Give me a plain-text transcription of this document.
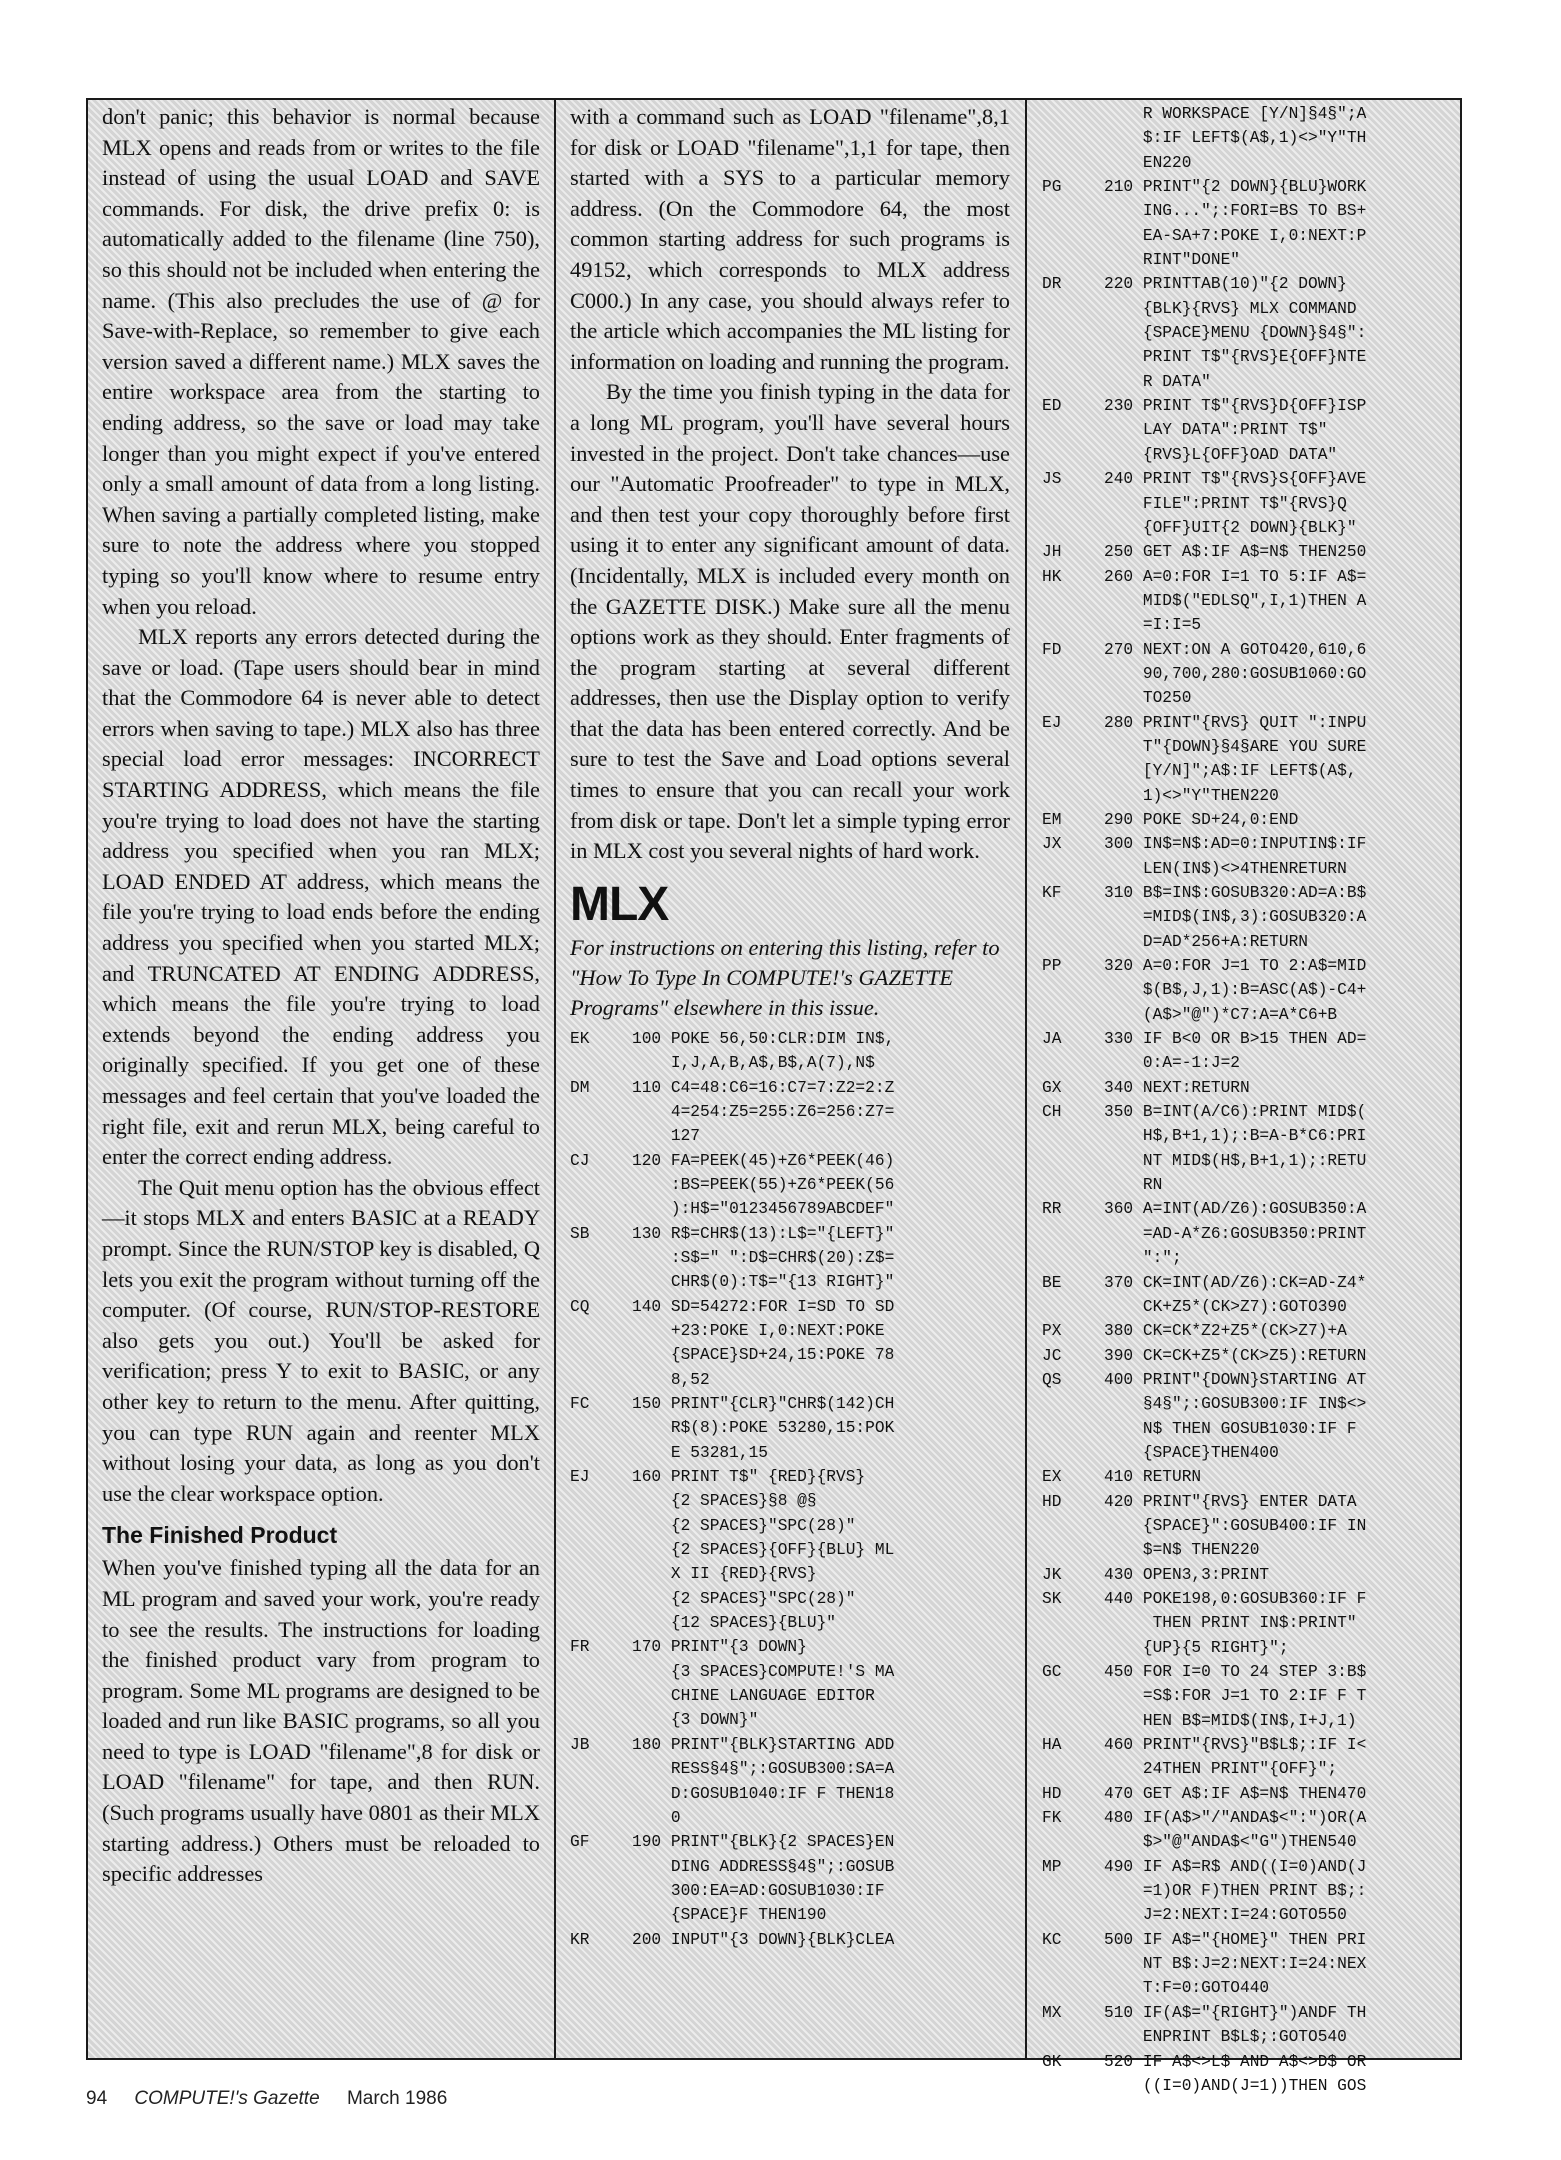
don't panic; this behavior is normal because MLX opens and reads from or writes to the file instead of using the usual LOAD and SAVE commands. For disk, the drive prefix 0: is automatically added to the filename (line 750), so this should not be included when entering the name. (This also precludes the use of @ for Save-with-Replace, so remember to give each version saved a different name.) MLX saves the entire workspace area from the starting to ending address, so the save or load may take longer than you might expect if you've entered only a small amount of data from a long listing. When saving a partially completed listing, make sure to note the address where you stopped typing so you'll know where to resume entry when you reload.

MLX reports any errors detected during the save or load. (Tape users should bear in mind that the Commodore 64 is never able to detect errors when saving to tape.) MLX also has three special load error messages: INCORRECT STARTING ADDRESS, which means the file you're trying to load does not have the starting address you specified when you ran MLX; LOAD ENDED AT address, which means the file you're trying to load ends before the ending address you specified when you started MLX; and TRUNCATED AT ENDING ADDRESS, which means the file you're trying to load extends beyond the ending address you originally specified. If you get one of these messages and feel certain that you've loaded the right file, exit and rerun MLX, being careful to enter the correct ending address.

The Quit menu option has the obvious effect—it stops MLX and enters BASIC at a READY prompt. Since the RUN/STOP key is disabled, Q lets you exit the program without turning off the computer. (Of course, RUN/STOP-RESTORE also gets you out.) You'll be asked for verification; press Y to exit to BASIC, or any other key to return to the menu. After quitting, you can type RUN again and reenter MLX without losing your data, as long as you don't use the clear workspace option.

The Finished Product

When you've finished typing all the data for an ML program and saved your work, you're ready to see the results. The instructions for loading the finished product vary from program to program. Some ML programs are designed to be loaded and run like BASIC programs, so all you need to type is LOAD "filename",8 for disk or LOAD "filename" for tape, and then RUN. (Such programs usually have 0801 as their MLX starting address.) Others must be reloaded to specific addresses

with a command such as LOAD "filename",8,1 for disk or LOAD "filename",1,1 for tape, then started with a SYS to a particular memory address. (On the Commodore 64, the most common starting address for such programs is 49152, which corresponds to MLX address C000.) In any case, you should always refer to the article which accompanies the ML listing for information on loading and running the program.

By the time you finish typing in the data for a long ML program, you'll have several hours invested in the project. Don't take chances—use our "Automatic Proofreader" to type in MLX, and then test your copy thoroughly before first using it to enter any significant amount of data. (Incidentally, MLX is included every month on the GAZETTE DISK.) Make sure all the menu options work as they should. Enter fragments of the program starting at several different addresses, then use the Display option to verify that the data has been entered correctly. And be sure to test the Save and Load options several times to ensure that you can recall your work from disk or tape. Don't let a simple typing error in MLX cost you several nights of hard work.

MLX
For instructions on entering this listing, refer to "How To Type In COMPUTE!'s GAZETTE Programs" elsewhere in this issue.
EK	100 POKE 56,50:CLR:DIM IN$,
I,J,A,B,A$,B$,A(7),N$
DM	110 C4=48:C6=16:C7=7:Z2=2:Z
4=254:Z5=255:Z6=256:Z7=
127
CJ	120 FA=PEEK(45)+Z6*PEEK(46)
:BS=PEEK(55)+Z6*PEEK(56
):H$="0123456789ABCDEF"
SB	130 R$=CHR$(13):L$="{LEFT}"
:S$=" ":D$=CHR$(20):Z$=
CHR$(0):T$="{13 RIGHT}"
CQ	140 SD=54272:FOR I=SD TO SD
+23:POKE I,0:NEXT:POKE
{SPACE}SD+24,15:POKE 78
8,52
FC	150 PRINT"{CLR}"CHR$(142)CH
R$(8):POKE 53280,15:POK
E 53281,15
EJ	160 PRINT T$" {RED}{RVS}
{2 SPACES}§8 @§
{2 SPACES}"SPC(28)"
{2 SPACES}{OFF}{BLU} ML
X II {RED}{RVS}
{2 SPACES}"SPC(28)"
{12 SPACES}{BLU}"
FR	170 PRINT"{3 DOWN}
{3 SPACES}COMPUTE!'S MA
CHINE LANGUAGE EDITOR
{3 DOWN}"
JB	180 PRINT"{BLK}STARTING ADD
RESS§4§";:GOSUB300:SA=A
D:GOSUB1040:IF F THEN18
0
GF	190 PRINT"{BLK}{2 SPACES}EN
DING ADDRESS§4§";:GOSUB
300:EA=AD:GOSUB1030:IF
{SPACE}F THEN190
KR	200 INPUT"{3 DOWN}{BLK}CLEA
R WORKSPACE [Y/N]§4§";A
$:IF LEFT$(A$,1)<>"Y"TH
EN220
PG	210 PRINT"{2 DOWN}{BLU}WORK
ING...";:FORI=BS TO BS+
EA-SA+7:POKE I,0:NEXT:P
RINT"DONE"
DR	220 PRINTTAB(10)"{2 DOWN}
{BLK}{RVS} MLX COMMAND
{SPACE}MENU {DOWN}§4§":
PRINT T$"{RVS}E{OFF}NTE
R DATA"
ED	230 PRINT T$"{RVS}D{OFF}ISP
LAY DATA":PRINT T$"
{RVS}L{OFF}OAD DATA"
JS	240 PRINT T$"{RVS}S{OFF}AVE
FILE":PRINT T$"{RVS}Q
{OFF}UIT{2 DOWN}{BLK}"
JH	250 GET A$:IF A$=N$ THEN250
HK	260 A=0:FOR I=1 TO 5:IF A$=
MID$("EDLSQ",I,1)THEN A
=I:I=5
FD	270 NEXT:ON A GOTO420,610,6
90,700,280:GOSUB1060:GO
TO250
EJ	280 PRINT"{RVS} QUIT ":INPU
T"{DOWN}§4§ARE YOU SURE
[Y/N]";A$:IF LEFT$(A$,
1)<>"Y"THEN220
EM	290 POKE SD+24,0:END
JX	300 IN$=N$:AD=0:INPUTIN$:IF
LEN(IN$)<>4THENRETURN
KF	310 B$=IN$:GOSUB320:AD=A:B$
=MID$(IN$,3):GOSUB320:A
D=AD*256+A:RETURN
PP	320 A=0:FOR J=1 TO 2:A$=MID
$(B$,J,1):B=ASC(A$)-C4+
(A$>"@")*C7:A=A*C6+B
JA	330 IF B<0 OR B>15 THEN AD=
0:A=-1:J=2
GX	340 NEXT:RETURN
CH	350 B=INT(A/C6):PRINT MID$(
H$,B+1,1);:B=A-B*C6:PRI
NT MID$(H$,B+1,1);:RETU
RN
RR	360 A=INT(AD/Z6):GOSUB350:A
=AD-A*Z6:GOSUB350:PRINT
":";
BE	370 CK=INT(AD/Z6):CK=AD-Z4*
CK+Z5*(CK>Z7):GOTO390
PX	380 CK=CK*Z2+Z5*(CK>Z7)+A
JC	390 CK=CK+Z5*(CK>Z5):RETURN
QS	400 PRINT"{DOWN}STARTING AT
§4§";:GOSUB300:IF IN$<>
N$ THEN GOSUB1030:IF F
{SPACE}THEN400
EX	410 RETURN
HD	420 PRINT"{RVS} ENTER DATA
{SPACE}":GOSUB400:IF IN
$=N$ THEN220
JK	430 OPEN3,3:PRINT
SK	440 POKE198,0:GOSUB360:IF F
THEN PRINT IN$:PRINT"
{UP}{5 RIGHT}";
GC	450 FOR I=0 TO 24 STEP 3:B$
=S$:FOR J=1 TO 2:IF F T
HEN B$=MID$(IN$,I+J,1)
HA	460 PRINT"{RVS}"B$L$;:IF I<
24THEN PRINT"{OFF}";
HD	470 GET A$:IF A$=N$ THEN470
FK	480 IF(A$>"/"ANDA$<":")OR(A
$>"@"ANDA$<"G")THEN540
MP	490 IF A$=R$ AND((I=0)AND(J
=1)OR F)THEN PRINT B$;:
J=2:NEXT:I=24:GOTO550
KC	500 IF A$="{HOME}" THEN PRI
NT B$:J=2:NEXT:I=24:NEX
T:F=0:GOTO440
MX	510 IF(A$="{RIGHT}")ANDF TH
ENPRINT B$L$;:GOTO540
GK	520 IF A$<>L$ AND A$<>D$ OR
((I=0)AND(J=1))THEN GOS
94 COMPUTE!'s Gazette March 1986
